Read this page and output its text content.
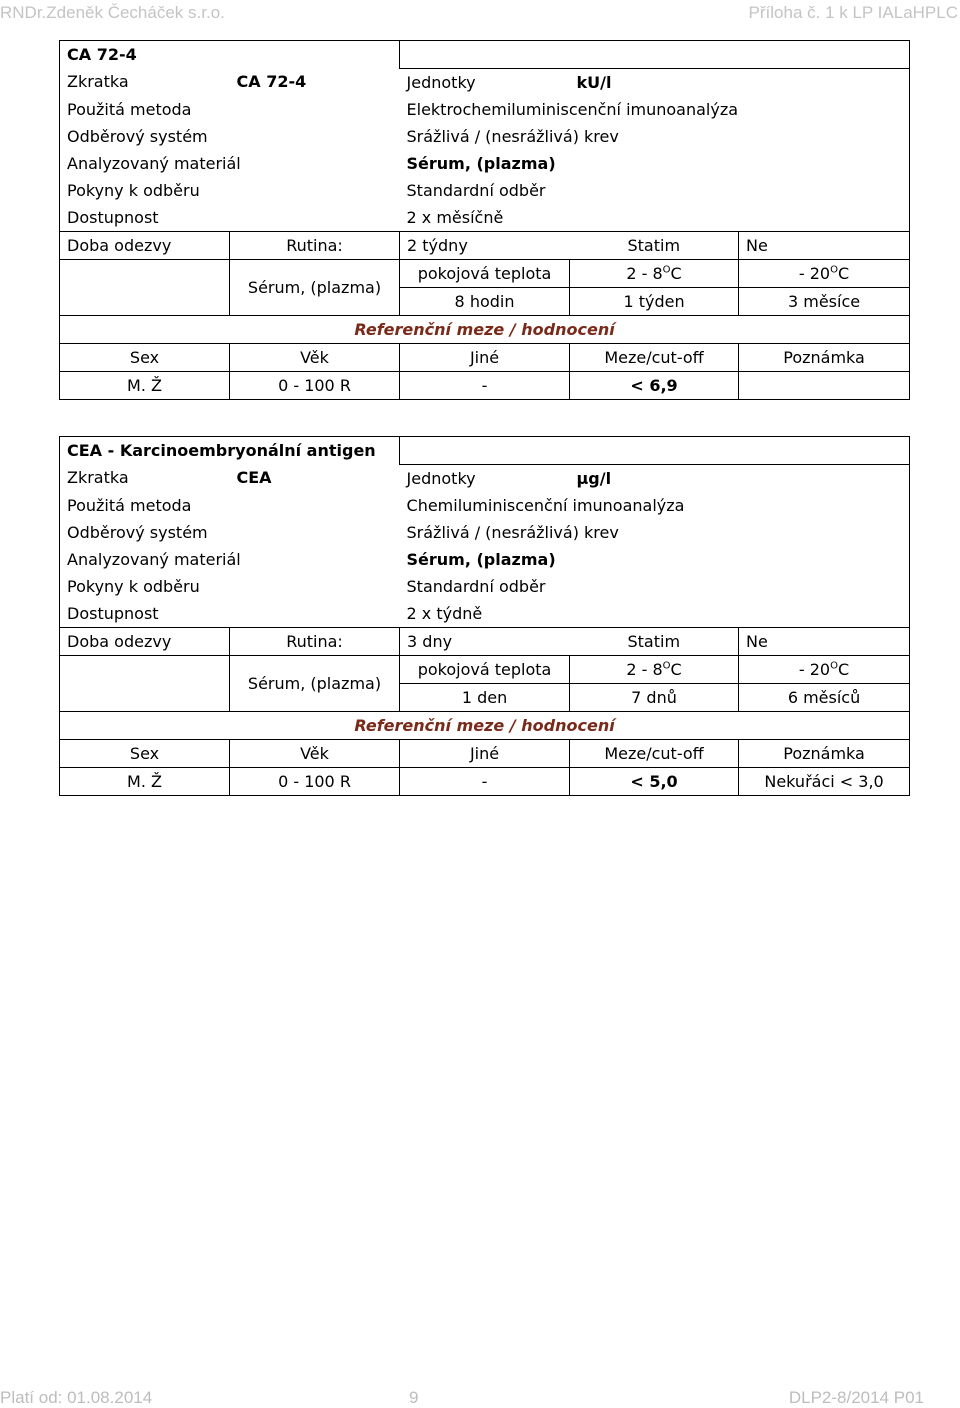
RNDr.Zdeněk Čecháček s.r.o.	Příloha č. 1 k LP IALaHPLC
CA 72-4				
Zkratka	CA 72-4	Jednotky	kU/l	
Použitá metoda		Elektrochemiluminiscenční imunoanalýza		
Odběrový systém		Srážlivá / (nesrážlivá) krev		
Analyzovaný materiál		Sérum, (plazma)		
Pokyny k odběru		Standardní odběr		
Dostupnost		2 x měsíčně		
Doba odezvy	Rutina:	2 týdny	Statim	Ne
	Sérum, (plazma)	pokojová teplota	$2 - 8^OC$	- $20^OC$
		8 hodin	1 týden	3 měsíce
Referenční meze / hodnocení				
Sex	Věk	Jiné	Meze/cut-off	Poznámka
M. Ž	0 - 100 R	-	< 6,9	
CEA - Karcinoembryonální antigen				
Zkratka	CEA	Jednotky	µg/l	
Použitá metoda		Chemiluminiscenční imunoanalýza		
Odběrový systém		Srážlivá / (nesrážlivá) krev		
Analyzovaný materiál		Sérum, (plazma)		
Pokyny k odběru		Standardní odběr		
Dostupnost		2 x týdně		
Doba odezvy	Rutina:	3 dny	Statim	Ne
	Sérum, (plazma)	pokojová teplota	$2 - 8^OC$	- $20^OC$
		1 den	7 dnů	6 měsíců
Referenční meze / hodnocení				
Sex	Věk	Jiné	Meze/cut-off	Poznámka
M. Ž	0 - 100 R	-	< 5,0	Nekuřáci < 3,0
Platí od: 01.08.2014	9	DLP2-8/2014 P01
